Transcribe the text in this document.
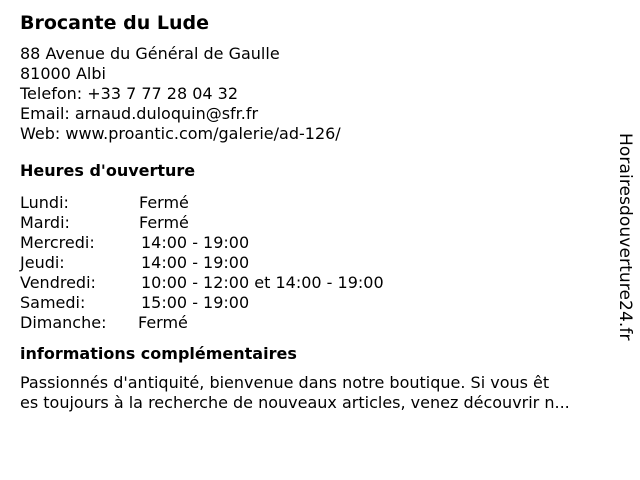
Brocante du Lude
88 Avenue du Général de Gaulle
81000 Albi
Telefon: +33 7 77 28 04 32
Email: arnaud.duloquin@sfr.fr
Web: www.proantic.com/galerie/ad-126/
Heures d'ouverture
Lundi:	Fermé
Mardi:	Fermé
Mercredi:	14:00 - 19:00
Jeudi:	14:00 - 19:00
Vendredi:	10:00 - 12:00 et 14:00 - 19:00
Samedi:	15:00 - 19:00
Dimanche: Fermé
informations complémentaires
Passionnés d'antiquité, bienvenue dans notre boutique. Si vous êt
es toujours à la recherche de nouveaux articles, venez découvrir n...
Horairesdouverture24.fr
